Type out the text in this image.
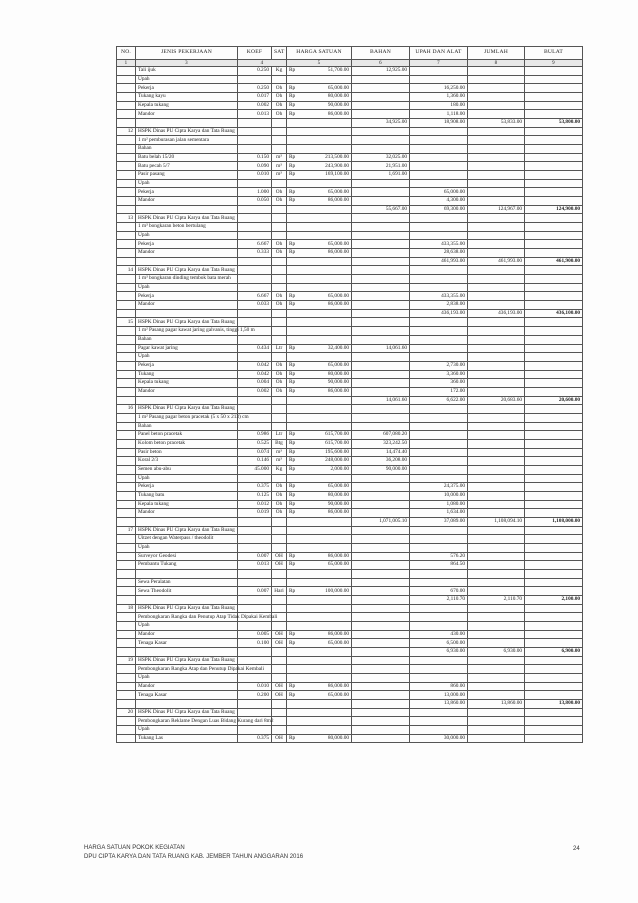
NO.	JENIS PEKERJAAN	KOEF	SAT	HARGA SATUAN	BAHAN	UPAH DAN ALAT	JUMLAH	BULAT
1	3	4		5	6	7	8	9
	Tali ijuk	0.250	Kg	Rp 51,700.00	12,925.00			
	Upah							
	Pekerja	0.250	Oh	Rp 65,000.00		16,250.00		
	Tukang kayu	0.017	Oh	Rp 80,000.00		1,360.00		
	Kepala tukang	0.002	Oh	Rp 90,000.00		180.00		
	Mandor	0.013	Oh	Rp 86,000.00		1,118.00		
					34,925.00	18,908.00	53,833.00	53,800.00
12	HSPK Dinas PU Cipta Karya dan Tata Ruang							
	1 m² pemburasan jalan sementara							
	Bahan							
	Batu belah 15/20	0.150	m³	Rp 213,500.00	32,025.00			
	Batu pecah 5/7	0.090	m³	Rp 243,900.00	21,951.00			
	Pasir pasang	0.010	m³	Rp 169,100.00	1,691.00			
	Upah							
	Pekerja	1.000	Oh	Rp 65,000.00		65,000.00		
	Mandor	0.050	Oh	Rp 86,000.00		4,300.00		
					55,667.00	69,300.00	124,967.00	124,900.00
13	HSPK Dinas PU Cipta Karya dan Tata Ruang							
	1 m³ bongkaran beton bertulang							
	Upah							
	Pekerja	6.667	Oh	Rp 65,000.00		433,355.00		
	Mandor	0.333	Oh	Rp 86,000.00		28,638.00		
						461,993.00	461,993.00	461,900.00
14	HSPK Dinas PU Cipta Karya dan Tata Ruang							
	1 m³ bongkaran dinding tembok bata merah							
	Upah							
	Pekerja	6.667	Oh	Rp 65,000.00		433,355.00		
	Mandor	0.033	Oh	Rp 86,000.00		2,838.00		
						436,193.00	436,193.00	436,100.00
15	HSPK Dinas PU Cipta Karya dan Tata Ruang							
	1 m² Pasang pagar kawat jaring galvanis, tinggi 1,50 m							
	Bahan							
	Pagar kawat jaring	0.434	Ltr	Rp 32,400.00	14,061.60			
	Upah							
	Pekerja	0.042	Oh	Rp 65,000.00		2,730.00		
	Tukang	0.042	Oh	Rp 80,000.00		3,360.00		
	Kepala tukang	0.004	Oh	Rp 90,000.00		360.00		
	Mandor	0.002	Oh	Rp 86,000.00		172.00		
					14,061.60	6,622.00	20,683.60	20,600.00
16	HSPK Dinas PU Cipta Karya dan Tata Ruang							
	1 m² Pasang pagar beton pracetak (5 x 50 x 213) cm							
	Bahan							
	Panel beton pracetak	0.986	Ltr	Rp 615,700.00	607,080.20			
	Kolom beton pracetak	0.525	Btg	Rp 615,700.00	323,242.50			
	Pasir beton	0.074	m³	Rp 195,600.00	14,474.40			
	Koral 2/3	0.146	m³	Rp 248,000.00	36,208.00			
	Semen abu-abu	45.000	Kg	Rp 2,000.00	90,000.00			
	Upah							
	Pekerja	0.375	Oh	Rp 65,000.00		24,375.00		
	Tukang batu	0.125	Oh	Rp 80,000.00		10,000.00		
	Kepala tukang	0.012	Oh	Rp 90,000.00		1,080.00		
	Mandor	0.019	Oh	Rp 86,000.00		1,634.00		
					1,071,005.10	37,089.00	1,108,094.10	1,108,000.00
17	HSPK Dinas PU Cipta Karya dan Tata Ruang							
	Uitzet dengan Waterpass / theodolit							
	Upah							
	Surveyor Geodesi	0.007	OH	Rp 86,000.00		576.20		
	Pembantu Tukang	0.013	OH	Rp 65,000.00		864.50		

	Sewa Peralatan							
	Sewa Theodolit	0.007	Hari	Rp 100,000.00		670.00		
						2,110.70	2,110.70	2,100.00
18	HSPK Dinas PU Cipta Karya dan Tata Ruang							
	Pembongkaran Rangka dan Penutup Atap Tidak Dipakai Kembali							
	Upah							
	Mandor	0.005	OH	Rp 86,000.00		430.00		
	Tenaga Kasar	0.100	OH	Rp 65,000.00		6,500.00		
						6,930.00	6,930.00	6,900.00
19	HSPK Dinas PU Cipta Karya dan Tata Ruang							
	Pembongkaran Rangka Atap dan Penutup Dipakai Kembali							
	Upah							
	Mandor	0.010	OH	Rp 86,000.00		860.00		
	Tenaga Kasar	0.200	OH	Rp 65,000.00		13,000.00		
						13,860.00	13,860.00	13,800.00
20	HSPK Dinas PU Cipta Karya dan Tata Ruang							
	Pembongkaran Reklame Dengan Luas Bidang Kurang dari 8m2							
	Upah							
	Tukang Las	0.375	OH	Rp 80,000.00		30,000.00		
HARGA SATUAN POKOK KEGIATAN
DPU CIPTA KARYA DAN TATA RUANG KAB. JEMBER TAHUN ANGGARAN 2016
24
